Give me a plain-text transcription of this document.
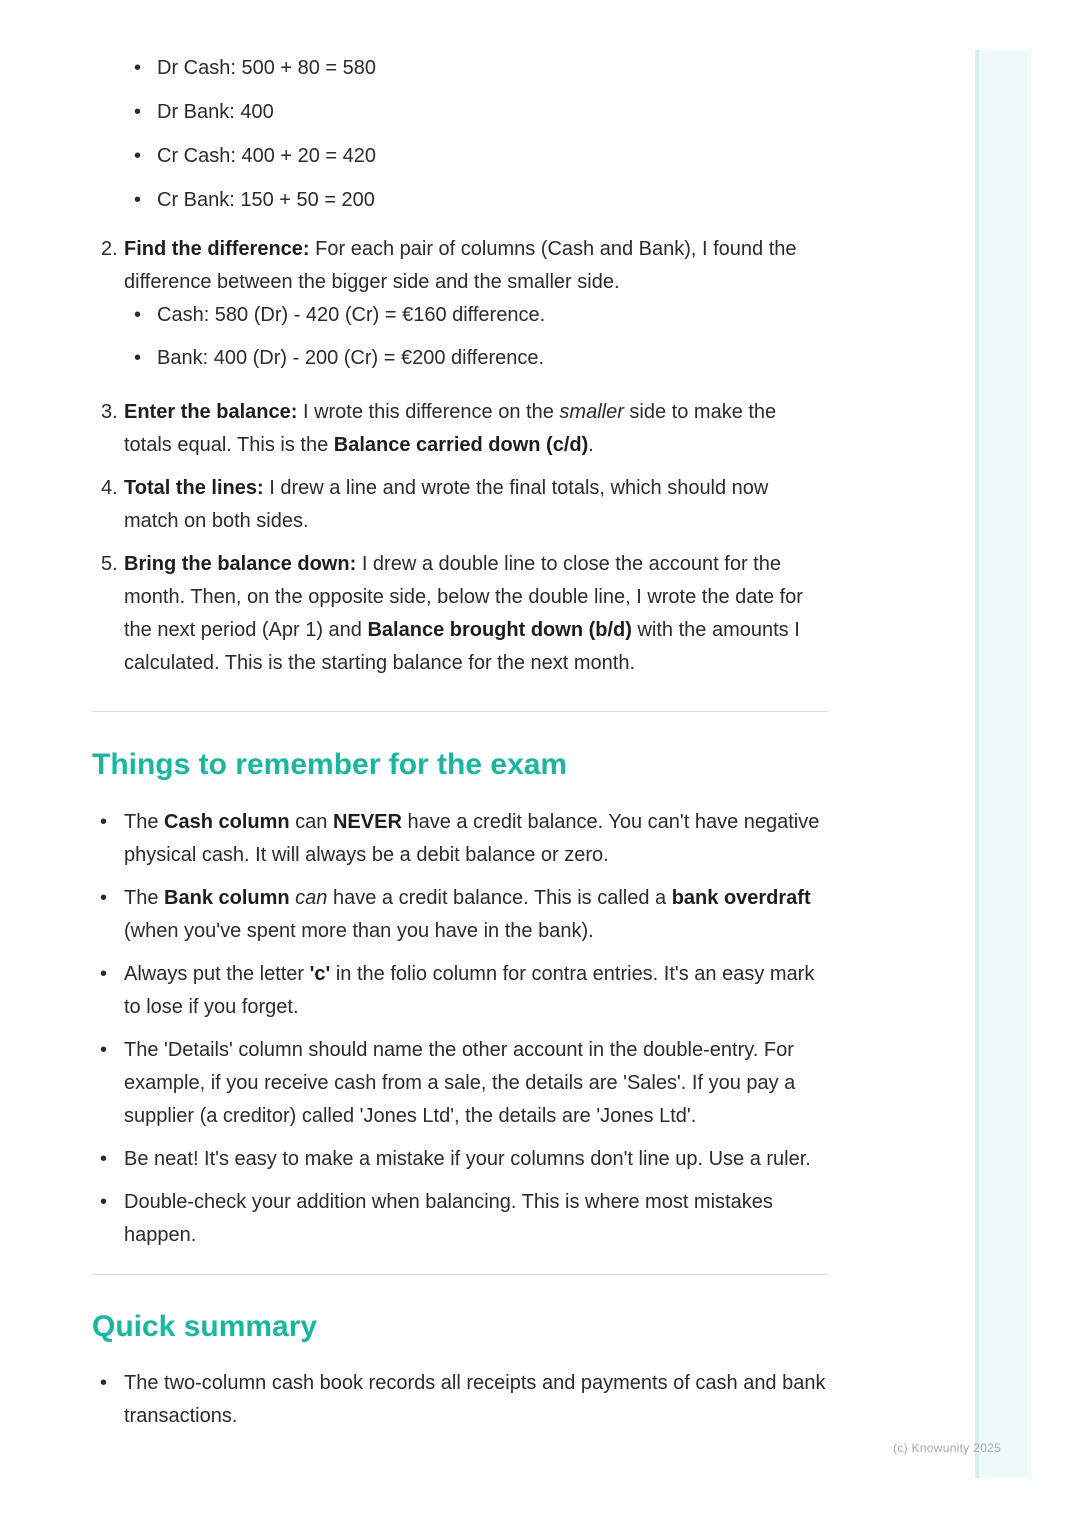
• Dr Cash: 500 + 80 = 580
• Dr Bank: 400
• Cr Cash: 400 + 20 = 420
• Cr Bank: 150 + 50 = 200
2. Find the difference: For each pair of columns (Cash and Bank), I found the difference between the bigger side and the smaller side.
• Cash: 580 (Dr) - 420 (Cr) = €160 difference.
• Bank: 400 (Dr) - 200 (Cr) = €200 difference.
3. Enter the balance: I wrote this difference on the smaller side to make the totals equal. This is the Balance carried down (c/d).
4. Total the lines: I drew a line and wrote the final totals, which should now match on both sides.
5. Bring the balance down: I drew a double line to close the account for the month. Then, on the opposite side, below the double line, I wrote the date for the next period (Apr 1) and Balance brought down (b/d) with the amounts I calculated. This is the starting balance for the next month.
Things to remember for the exam
• The Cash column can NEVER have a credit balance. You can't have negative physical cash. It will always be a debit balance or zero.
• The Bank column can have a credit balance. This is called a bank overdraft (when you've spent more than you have in the bank).
• Always put the letter 'c' in the folio column for contra entries. It's an easy mark to lose if you forget.
• The 'Details' column should name the other account in the double-entry. For example, if you receive cash from a sale, the details are 'Sales'. If you pay a supplier (a creditor) called 'Jones Ltd', the details are 'Jones Ltd'.
• Be neat! It's easy to make a mistake if your columns don't line up. Use a ruler.
• Double-check your addition when balancing. This is where most mistakes happen.
Quick summary
• The two-column cash book records all receipts and payments of cash and bank transactions.
(c) Knowunity 2025
